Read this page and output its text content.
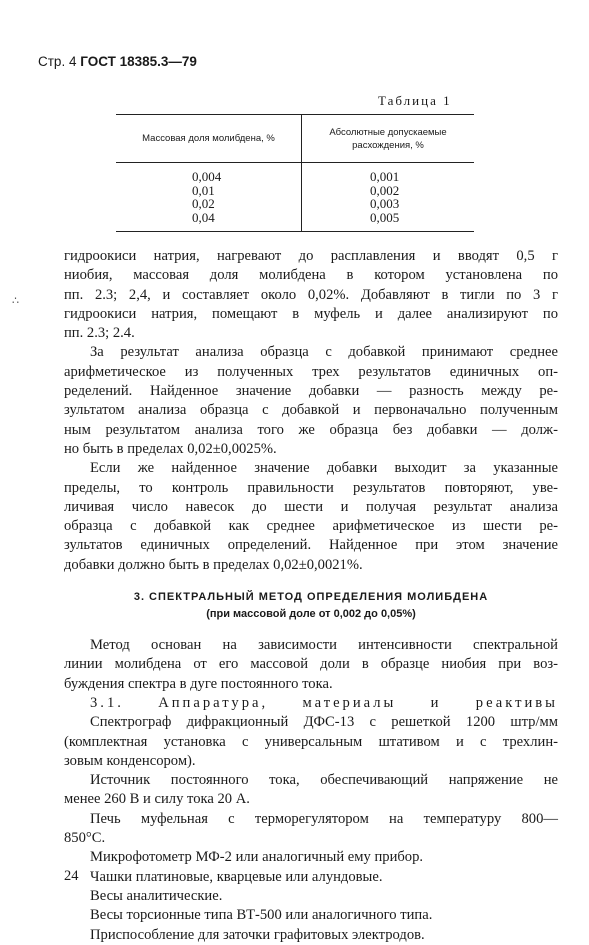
Стр. 4 ГОСТ 18385.3—79
Таблица 1
Массовая доля молибдена, %
Абсолютные допускаемые расхождения, %
0,004
0,01
0,02
0,04
0,001
0,002
0,003
0,005
∴
гидроокиси натрия, нагревают до расплавления и вводят 0,5 г
ниобия, массовая доля молибдена в котором установлена по
пп. 2.3; 2,4, и составляет около 0,02%. Добавляют в тигли по 3 г
гидроокиси натрия, помещают в муфель и далее анализируют по
пп. 2.3; 2.4.
За результат анализа образца с добавкой принимают среднее
арифметическое из полученных трех результатов единичных оп-
ределений. Найденное значение добавки — разность между ре-
зультатом анализа образца с добавкой и первоначально полученным
ным результатом анализа того же образца без добавки — долж-
но быть в пределах 0,02±0,0025%.
Если же найденное значение добавки выходит за указанные
пределы, то контроль правильности результатов повторяют, уве-
личивая число навесок до шести и получая результат анализа
образца с добавкой как среднее арифметическое из шести ре-
зультатов единичных определений. Найденное при этом значение
добавки должно быть в пределах 0,02±0,0021%.
3. СПЕКТРАЛЬНЫЙ МЕТОД ОПРЕДЕЛЕНИЯ МОЛИБДЕНА
(при массовой доле от 0,002 до 0,05%)
Метод основан на зависимости интенсивности спектральной
линии молибдена от его массовой доли в образце ниобия при воз-
буждения спектра в дуге постоянного тока.
3.1. Аппаратура, материалы и реактивы
Спектрограф дифракционный ДФС-13 с решеткой 1200 штр/мм
(комплектная установка с универсальным штативом и с трехлин-
зовым конденсором).
Источник постоянного тока, обеспечивающий напряжение не
менее 260 В и силу тока 20 А.
Печь муфельная с терморегулятором на температуру 800—
850°С.
Микрофотометр МФ-2 или аналогичный ему прибор.
Чашки платиновые, кварцевые или алундовые.
Весы аналитические.
Весы торсионные типа ВТ-500 или аналогичного типа.
Приспособление для заточки графитовых электродов.
24
